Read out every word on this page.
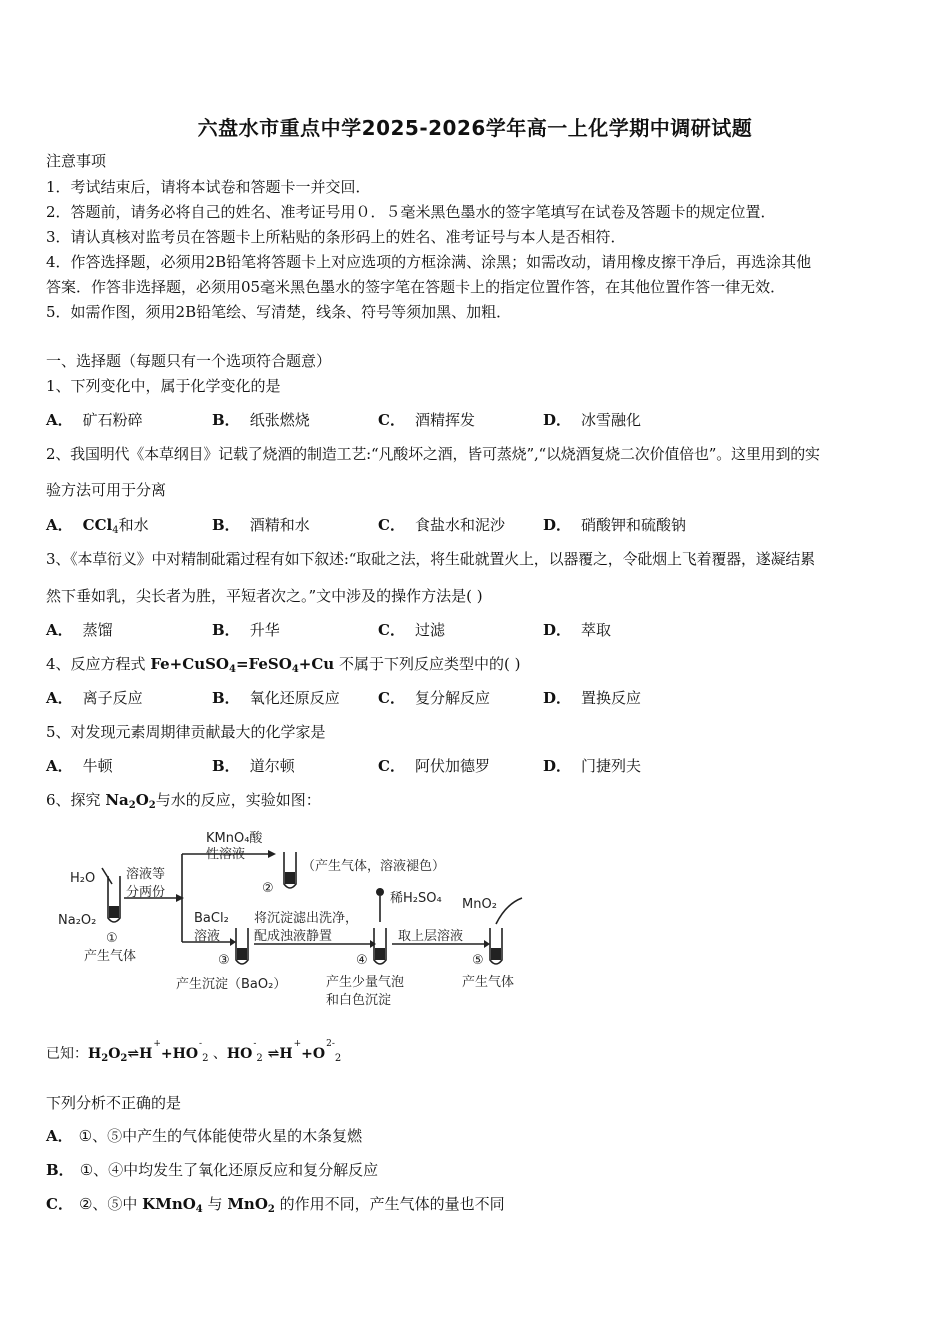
六盘水市重点中学2025-2026学年高一上化学期中调研试题
注意事项
1．考试结束后，请将本试卷和答题卡一并交回．
2．答题前，请务必将自己的姓名、准考证号用０．５毫米黑色墨水的签字笔填写在试卷及答题卡的规定位置．
3．请认真核对监考员在答题卡上所粘贴的条形码上的姓名、准考证号与本人是否相符．
4．作答选择题，必须用2B铅笔将答题卡上对应选项的方框涂满、涂黑；如需改动，请用橡皮擦干净后，再选涂其他
答案．作答非选择题，必须用05毫米黑色墨水的签字笔在答题卡上的指定位置作答，在其他位置作答一律无效．
5．如需作图，须用2B铅笔绘、写清楚，线条、符号等须加黑、加粗．
一、选择题（每题只有一个选项符合题意）
1、下列变化中，属于化学变化的是
A． 矿石粉碎	B． 纸张燃烧	C． 酒精挥发	D． 冰雪融化
2、我国明代《本草纲目》记载了烧酒的制造工艺:“凡酸坏之酒，皆可蒸烧”,“以烧酒复烧二次价值倍也”。这里用到的实
验方法可用于分离
A． CCl$_4$和水	B． 酒精和水	C． 食盐水和泥沙	D． 硝酸钾和硫酸钠
3、《本草衍义》中对精制砒霜过程有如下叙述:“取砒之法，将生砒就置火上，以器覆之，令砒烟上飞着覆器，遂凝结累
然下垂如乳，尖长者为胜，平短者次之。”文中涉及的操作方法是( )
A． 蒸馏	B． 升华	C． 过滤	D． 萃取
4、反应方程式 Fe+CuSO$_4$=FeSO$_4$+Cu 不属于下列反应类型中的( )
A． 离子反应	B． 氧化还原反应	C． 复分解反应	D． 置换反应
5、对发现元素周期律贡献最大的化学家是
A． 牛顿	B． 道尔顿	C． 阿伏加德罗	D． 门捷列夫
6、探究 $Na_2O_2$与水的反应，实验如图：
H₂O
Na₂O₂
①
产生气体
溶液等
分两份
KMnO₄酸
性溶液
②
（产生气体，溶液褪色）
BaCl₂
溶液
③
产生沉淀（BaO₂）
将沉淀滤出洗净，
配成浊液静置
稀H₂SO₄
④
产生少量气泡
和白色沉淀
取上层溶液
MnO₂
⑤
产生气体
已知：$H_2O_2\rightleftharpoons H^++HO^-_2$ 、$HO^-_2$ $\rightleftharpoons H^++O^{2-}_2$
下列分析不正确的是
A． ①、⑤中产生的气体能使带火星的木条复燃
B． ①、④中均发生了氧化还原反应和复分解反应
C． ②、⑤中 KMnO$_4$ 与 MnO$_2$ 的作用不同，产生气体的量也不同
